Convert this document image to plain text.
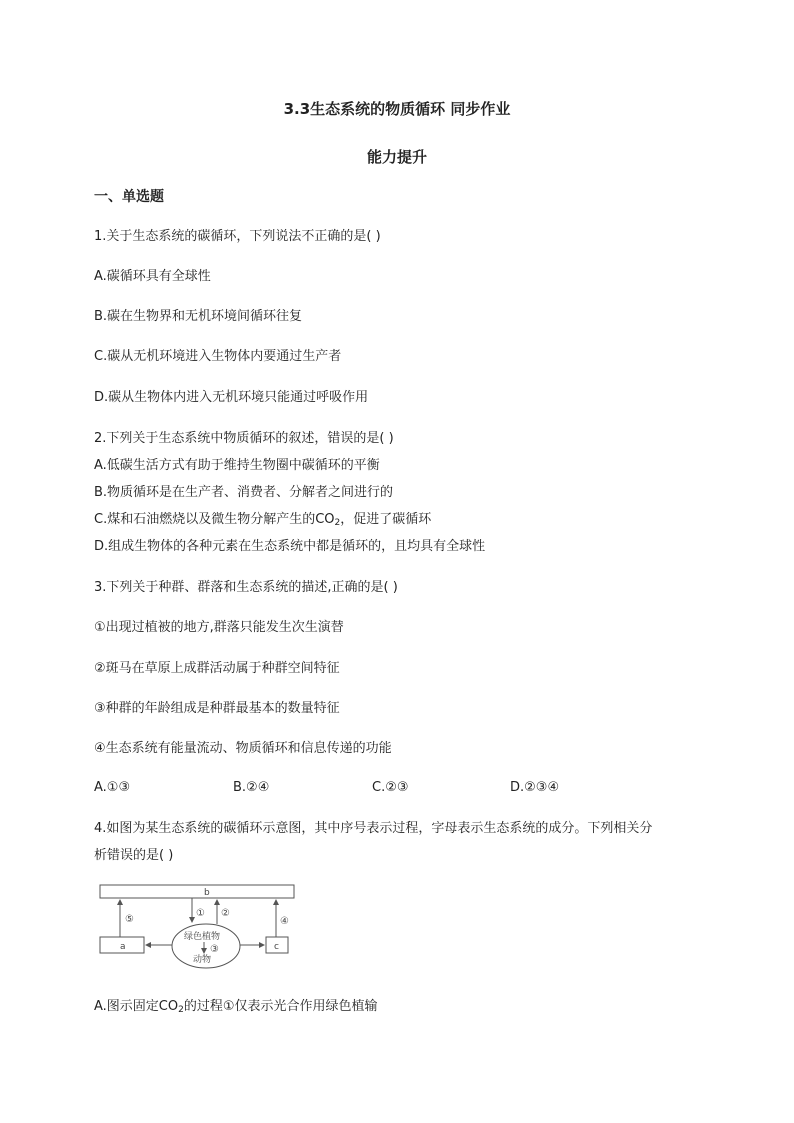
3.3生态系统的物质循环 同步作业
能力提升
一、单选题
1.关于生态系统的碳循环，下列说法不正确的是( )
A.碳循环具有全球性
B.碳在生物界和无机环境间循环往复
C.碳从无机环境进入生物体内要通过生产者
D.碳从生物体内进入无机环境只能通过呼吸作用
2.下列关于生态系统中物质循环的叙述，错误的是( )
A.低碳生活方式有助于维持生物圈中碳循环的平衡
B.物质循环是在生产者、消费者、分解者之间进行的
C.煤和石油燃烧以及微生物分解产生的$CO_2$，促进了碳循环
D.组成生物体的各种元素在生态系统中都是循环的，且均具有全球性
3.下列关于种群、群落和生态系统的描述,正确的是( )
①出现过植被的地方,群落只能发生次生演替
②斑马在草原上成群活动属于种群空间特征
③种群的年龄组成是种群最基本的数量特征
④生态系统有能量流动、物质循环和信息传递的功能
A.①③	B.②④	C.②③	D.②③④
4.如图为某生态系统的碳循环示意图，其中序号表示过程，字母表示生态系统的成分。下列相关分
析错误的是( )
b
a	c
绿色植物
动物
⑤
① ②
③
④
A.图示固定$CO_2$的过程①仅表示光合作用绿色植输
